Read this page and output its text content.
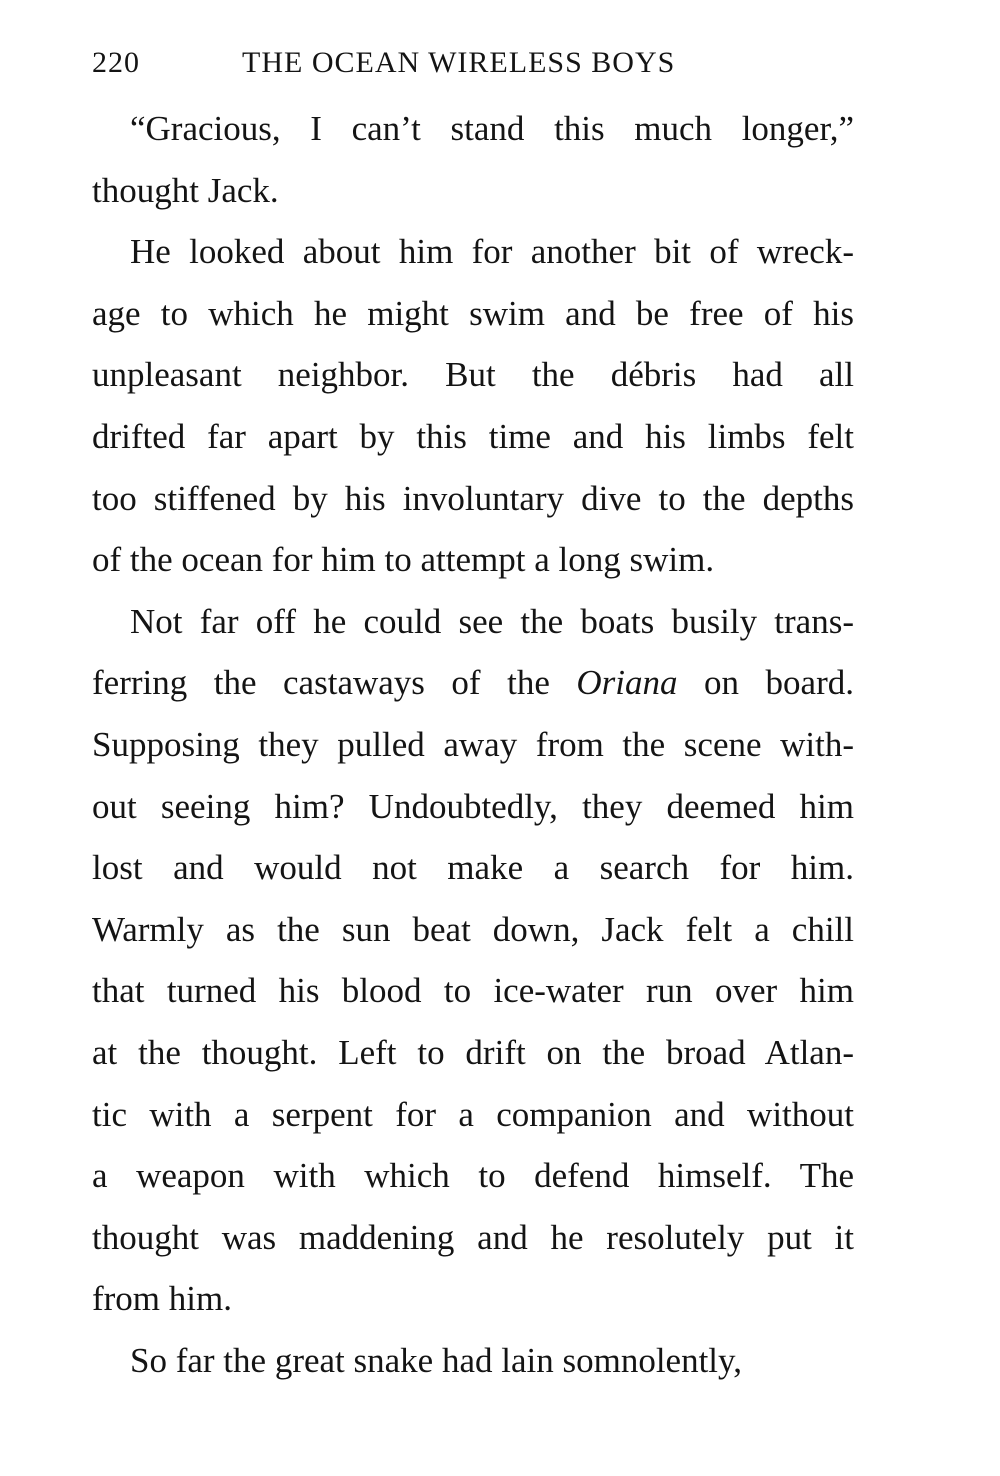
220	THE OCEAN WIRELESS BOYS
“Gracious, I can’t stand this much longer,”
thought Jack.
He looked about him for another bit of wreck-
age to which he might swim and be free of his
unpleasant neighbor. But the débris had all
drifted far apart by this time and his limbs felt
too stiffened by his involuntary dive to the depths
of the ocean for him to attempt a long swim.
Not far off he could see the boats busily trans-
ferring the castaways of the Oriana on board.
Supposing they pulled away from the scene with-
out seeing him? Undoubtedly, they deemed him
lost and would not make a search for him.
Warmly as the sun beat down, Jack felt a chill
that turned his blood to ice-water run over him
at the thought. Left to drift on the broad Atlan-
tic with a serpent for a companion and without
a weapon with which to defend himself. The
thought was maddening and he resolutely put it
from him.
So far the great snake had lain somnolently,
